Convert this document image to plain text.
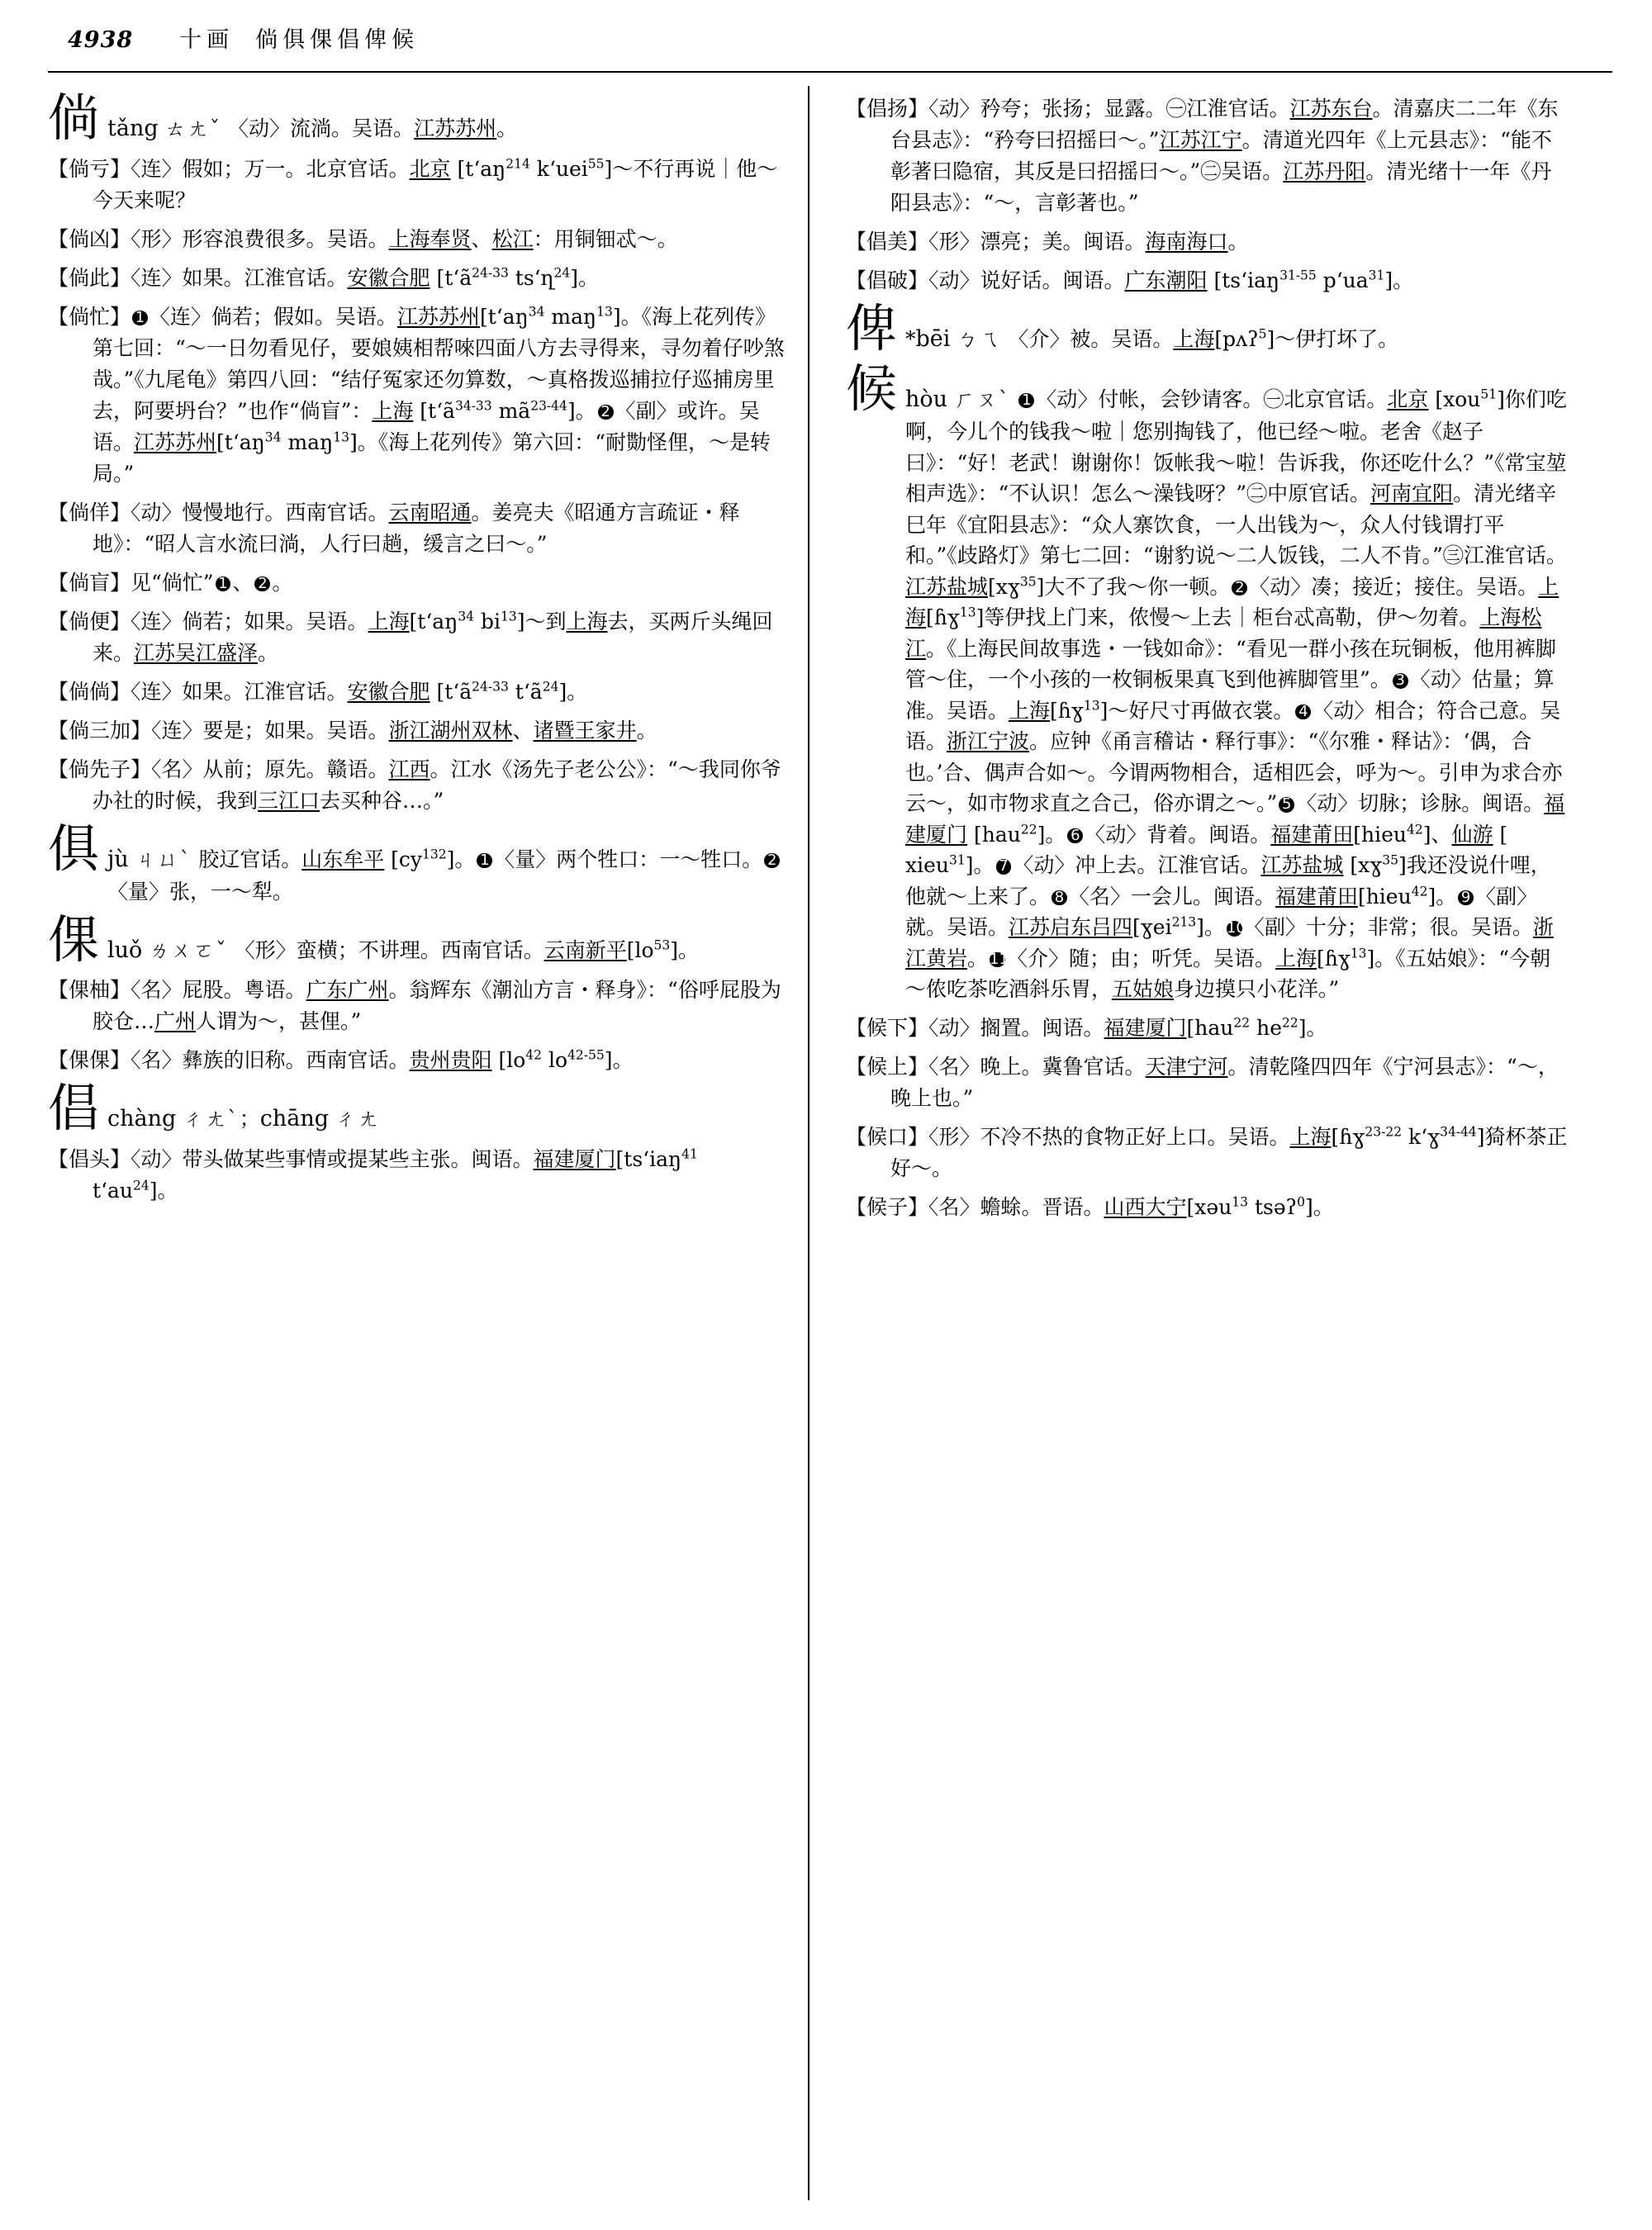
4938 十画 倘俱倮倡俾候
倘 tǎng ㄊㄤˇ 〈动〉流淌。吴语。江苏苏州。
【倘亏】〈连〉假如；万一。北京官话。北京 [$t‘aŋ^{214}$ k‘uei$^{55}$]～不行再说｜他～今天来呢？
【倘凶】〈形〉形容浪费很多。吴语。上海奉贤、松江：用铜钿忒～。
【倘此】〈连〉如果。江淮官话。安徽合肥 [$t‘ã^{24-33}$ ts‘ղ$^{24}$]。
【倘忙】 1 〈连〉倘若；假如。吴语。江苏苏州[$t‘aŋ^{34}$ maŋ$^{13}$]。《海上花列传》第七回：“～一日勿看见仔，要娘姨相帮唻四面八方去寻得来，寻勿着仔吵煞哉。”《九尾龟》第四八回：“结仔冤家还勿算数，～真格拨巡捕拉仔巡捕房里去，阿要坍台？”也作“倘盲”：上海 [$t‘ã^{34-33}$ $mã^{23-44}$]。 2 〈副〉或许。吴语。江苏苏州[$t‘aŋ^{34}$ maŋ$^{13}$]。《海上花列传》第六回：“耐勚怪俚，～是转局。”
【倘佯】〈动〉慢慢地行。西南官话。云南昭通。姜亮夫《昭通方言疏证・释地》：“昭人言水流曰淌，人行曰趟，缓言之曰～。”
【倘盲】见“倘忙” 1 、 2 。
【倘便】〈连〉倘若；如果。吴语。上海[$t‘aŋ^{34}$ $bi^{13}]\sim$到上海去，买两斤头绳回来。江苏吴江盛泽。
【倘倘】〈连〉如果。江淮官话。安徽合肥 [$t‘ã^{24-33}$ $t‘ã^{24}$]。
【倘三加】〈连〉要是；如果。吴语。浙江湖州双林、诸暨王家井。
【倘先子】〈名〉从前；原先。赣语。江西。江水《汤先子老公公》：“～我同你爷办社的时候，我到三江口去买种谷…。”
俱 jù ㄐㄩˋ 胶辽官话。山东牟平 $[cy^{132}]$。 1 〈量〉两个牲口：一～牲口。 2 〈量〉张，一～犁。
倮 luǒ ㄌㄨㄛˇ 〈形〉蛮横；不讲理。西南官话。云南新平$[lo^{53}]$。
【倮柚】〈名〉屁股。粤语。广东广州。翁辉东《潮汕方言・释身》：“俗呼屁股为胶仓…广州人谓为～，甚俚。”
【倮倮】〈名〉彝族的旧称。西南官话。贵州贵阳 [$lo^{42}$ $lo^{42-55}$]。
倡 chàng ㄔㄤˋ；chāng ㄔㄤ
【倡头】〈动〉带头做某些事情或提某些主张。闽语。福建厦门[ts‘iaŋ$^{41}$ $t‘au^{24}$]。
【倡扬】〈动〉矜夸；张扬；显露。㊀江淮官话。江苏东台。清嘉庆二二年《东台县志》：“矜夸曰招摇曰～。”江苏江宁。清道光四年《上元县志》：“能不彰著曰隐宿，其反是曰招摇曰～。”㊁吴语。江苏丹阳。清光绪十一年《丹阳县志》：“～，言彰著也。”
【倡美】〈形〉漂亮；美。闽语。海南海口。
【倡破】〈动〉说好话。闽语。广东潮阳 [ts‘iaŋ$^{31-55}$ $p‘ua^{31}$]。
俾 *bēi ㄅㄟ 〈介〉被。吴语。上海[pʌʔ$^5$]～伊打坏了。
候 hòu ㄏㄡˋ 1 〈动〉付帐，会钞请客。㊀北京官话。北京 [xou$^{51}$]你们吃啊，今儿个的钱我～啦｜您别掏钱了，他已经～啦。老舍《赵子曰》：“好！老武！谢谢你！饭帐我～啦！告诉我，你还吃什么？”《常宝堃相声选》：“不认识！怎么～澡钱呀？”㊁中原官话。河南宜阳。清光绪辛巳年《宜阳县志》：“众人寨饮食，一人出钱为～，众人付钱谓打平和。”《歧路灯》第七二回：“谢豹说～二人饭钱，二人不肯。”㊂江淮官话。江苏盐城[xɣ$^{35}$]大不了我～你一顿。 2 〈动〉凑；接近；接住。吴语。上海[ɦɣ$^{13}$]等伊找上门来，侬慢～上去｜柜台忒高勒，伊～勿着。上海松江。《上海民间故事选・一钱如命》：“看见一群小孩在玩铜板，他用裤脚管～住，一个小孩的一枚铜板果真飞到他裤脚管里”。 3 〈动〉估量；算准。吴语。上海[ɦɣ$^{13}$]～好尺寸再做衣裳。 4 〈动〉相合；符合己意。吴语。浙江宁波。应钟《甬言稽诂・释行事》：“《尔雅・释诂》：‘偶，合也。’合、偶声合如～。今谓两物相合，适相匹会，呼为～。引申为求合亦云～，如市物求直之合己，俗亦谓之～。” 5 〈动〉切脉；诊脉。闽语。福建厦门 [hau$^{22}$]。 6 〈动〉背着。闽语。福建莆田[hieu$^{42}$]、仙游 [ xieu$^{31}$]。 7 〈动〉冲上去。江淮官话。江苏盐城 [xɣ$^{35}$]我还没说什哩，他就～上来了。 8 〈名〉一会儿。闽语。福建莆田[hieu$^{42}$]。 9 〈副〉就。吴语。江苏启东吕四[ɣei$^{213}$]。 10〈副〉十分；非常；很。吴语。浙江黄岩。 11〈介〉随；由；听凭。吴语。上海[ɦɣ$^{13}$]。《五姑娘》：“今朝～侬吃茶吃酒斜乐胃，五姑娘身边摸只小花洋。”
【候下】〈动〉搁置。闽语。福建厦门[hau$^{22}$ $he^{22}$]。
【候上】〈名〉晚上。冀鲁官话。天津宁河。清乾隆四四年《宁河县志》：“～，晚上也。”
【候口】〈形〉不冷不热的食物正好上口。吴语。上海[ɦɣ$^{23-22}$ k‘ɣ$^{34-44}$]猗杯茶正好～。
【候子】〈名〉蟾蜍。晋语。山西大宁[xəu$^{13}$ tsəʔ$^0$]。
